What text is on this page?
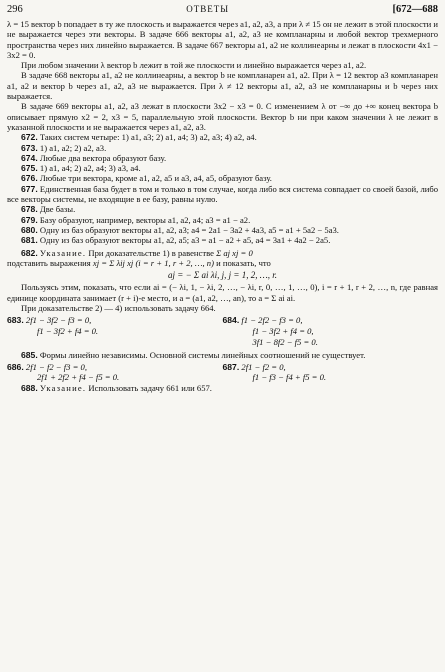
296	ОТВЕТЫ	[672—688

λ = 15 вектор b попадает в ту же плоскость и выражается через a1, a2, a3, а при λ ≠ 15 он не лежит в этой плоскости и не выражается через эти векторы. В задаче 666 векторы a1, a2, a3 не компланарны и любой вектор трехмерного пространства через них линейно выражается. В задаче 667 векторы a1, a2 не коллинеарны и лежат в плоскости 4x1 − 3x2 = 0.

При любом значении λ вектор b лежит в той же плоскости и линейно выражается через a1, a2.

В задаче 668 векторы a1, a2 не коллинеарны, а вектор b не компланарен a1, a2. При λ = 12 вектор a3 компланарен a1, a2 и вектор b через a1, a2, a3 не выражается. При λ ≠ 12 векторы a1, a2, a3 не компланарны и b через них выражается.

В задаче 669 векторы a1, a2, a3 лежат в плоскости 3x2 − x3 = 0. С изменением λ от −∞ до +∞ конец вектора b описывает прямую x2 = 2, x3 = 5, параллельную этой плоскости. Вектор b ни при каком значении λ не лежит в указанной плоскости и не выражается через a1, a2, a3.

672. Таких систем четыре: 1) a1, a3; 2) a1, a4; 3) a2, a3; 4) a2, a4.

673. 1) a1, a2; 2) a2, a3.

674. Любые два вектора образуют базу.

675. 1) a1, a4; 2) a2, a4; 3) a3, a4.

676. Любые три вектора, кроме a1, a2, a5 и a3, a4, a5, образуют базу.

677. Единственная база будет в том и только в том случае, когда либо вся система совпадает со своей базой, либо все векторы системы, не входящие в ее базу, равны нулю.

678. Две базы.

679. Базу образуют, например, векторы a1, a2, a4; a3 = a1 − a2.

680. Одну из баз образуют векторы a1, a2, a3; a4 = 2a1 − 3a2 + 4a3, a5 = a1 + 5a2 − 5a3.

681. Одну из баз образуют векторы a1, a2, a5; a3 = a1 − a2 + a5, a4 = 3a1 + 4a2 − 2a5.

682. Указание. При доказательстве 1) в равенстве Σ aj xj = 0

подставить выражения xj = Σ λij xj (i = r + 1, r + 2, …, n) и показать, что

aj = − Σ ai λi, j, j = 1, 2, …, r.

Пользуясь этим, показать, что если ai = (− λi, 1, − λi, 2, …, − λi, r, 0, …, 1, …, 0), i = r + 1, r + 2, …, n, где равная единице координата занимает (r + i)-е место, и a = (a1, a2, …, an), то a = Σ ai ai.

При доказательстве 2) — 4) использовать задачу 664.

683. 2f1 − 3f2 − f3 = 0,
f1 − 3f2 + f4 = 0.
684. f1 − 2f2 − f3 = 0,
f1 − 3f2 + f4 = 0,
3f1 − 8f2 − f5 = 0.

685. Формы линейно независимы. Основной системы линейных соотношений не существует.

686. 2f1 − f2 − f3 = 0,
2f1 + 2f2 + f4 − f5 = 0.
687. 2f1 − f2 = 0,
f1 − f3 − f4 + f5 = 0.

688. Указание. Использовать задачу 661 или 657.
